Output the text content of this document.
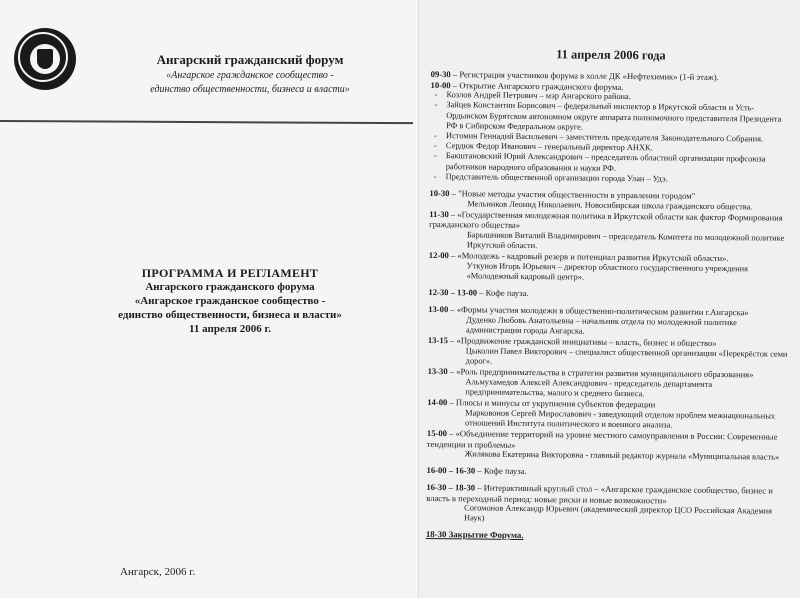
Ангарский гражданский форум
«Ангарское гражданское сообщество -
единство общественности, бизнеса и власти»
ПРОГРАММА И РЕГЛАМЕНТ
Ангарского гражданского форума
«Ангарское гражданское сообщество -
единство общественности, бизнеса и власти»
11 апреля 2006 г.
Ангарск, 2006 г.
11 апреля 2006 года
09-30 – Регистрация участников форума в холле ДК «Нефтехимик» (1-й этаж).
10-00 – Открытие Ангарского гражданского форума.
- Козлов Андрей Петрович – мэр Ангарского района.
- Зайцев Константин Борисович – федеральный инспектор в Иркутской области и Усть-Ордынском Бурятском автономном округе аппарата полномочного представителя Президента РФ в Сибирском Федеральном округе.
- Истомин Геннадий Васильевич – заместитель председателя Законодательного Собрания.
- Сердюк Федор Иванович – генеральный директор АНХК.
- Бакштановский Юрий Александрович – председатель областной организации профсоюза работников народного образования и науки РФ.
- Представитель общественной организации города Улан – Удэ.
10-30 – "Новые методы участия общественности в управлении городом"
Мельников Леонид Николаевич. Новосибирская школа гражданского общества.
11-30 – «Государственная молодежная политика в Иркутской области как фактор Формирования гражданского общества»
Барышников Виталий Владимирович – председатель Комитета по молодежной политике Иркутской области.
12-00 – «Молодежь - кадровый резерв и потенциал развития Иркутской области».
Уткунов Игорь Юрьевич – директор областного государственного учреждения «Молодежный кадровый центр».
12-30 – 13-00 – Кофе пауза.
13-00 – «Формы участия молодежи в общественно-политическом развитии г.Ангарска»
Дуденко Любовь Анатольевна – начальник отдела по молодежной политике администрации города Ангарска.
13-15 – «Продвижение гражданской инициативы – власть, бизнес и общество»
Цыколин Павел Викторович – специалист общественной организации «Перекрёсток семи дорог».
13-30 – «Роль предпринимательства в стратегии развития муниципального образования»
Альмухамедов Алексей Александрович - председатель департамента предпринимательства, малого и среднего бизнеса.
14-00 – Плюсы и минусы от укрупнения субъектов федерации
Марковонов Сергей Мирославович - заведующий отделом проблем межнациональных отношений Института политического и военного анализа.
15-00 – «Объединение территорий на уровне местного самоуправления в России: Современные тенденции и проблемы»
Жилякова Екатерина Викторовна - главный редактор журнала «Муниципальная власть»
16-00 – 16-30 – Кофе пауза.
16-30 – 18-30 – Интерактивный круглый стол – «Ангарское гражданское сообщество, бизнес и власть в переходный период: новые риски и новые возможности»
Согомонов Александр Юрьевич (академический директор ЦСО Российская Академия Наук)
18-30 Закрытие Форума.
